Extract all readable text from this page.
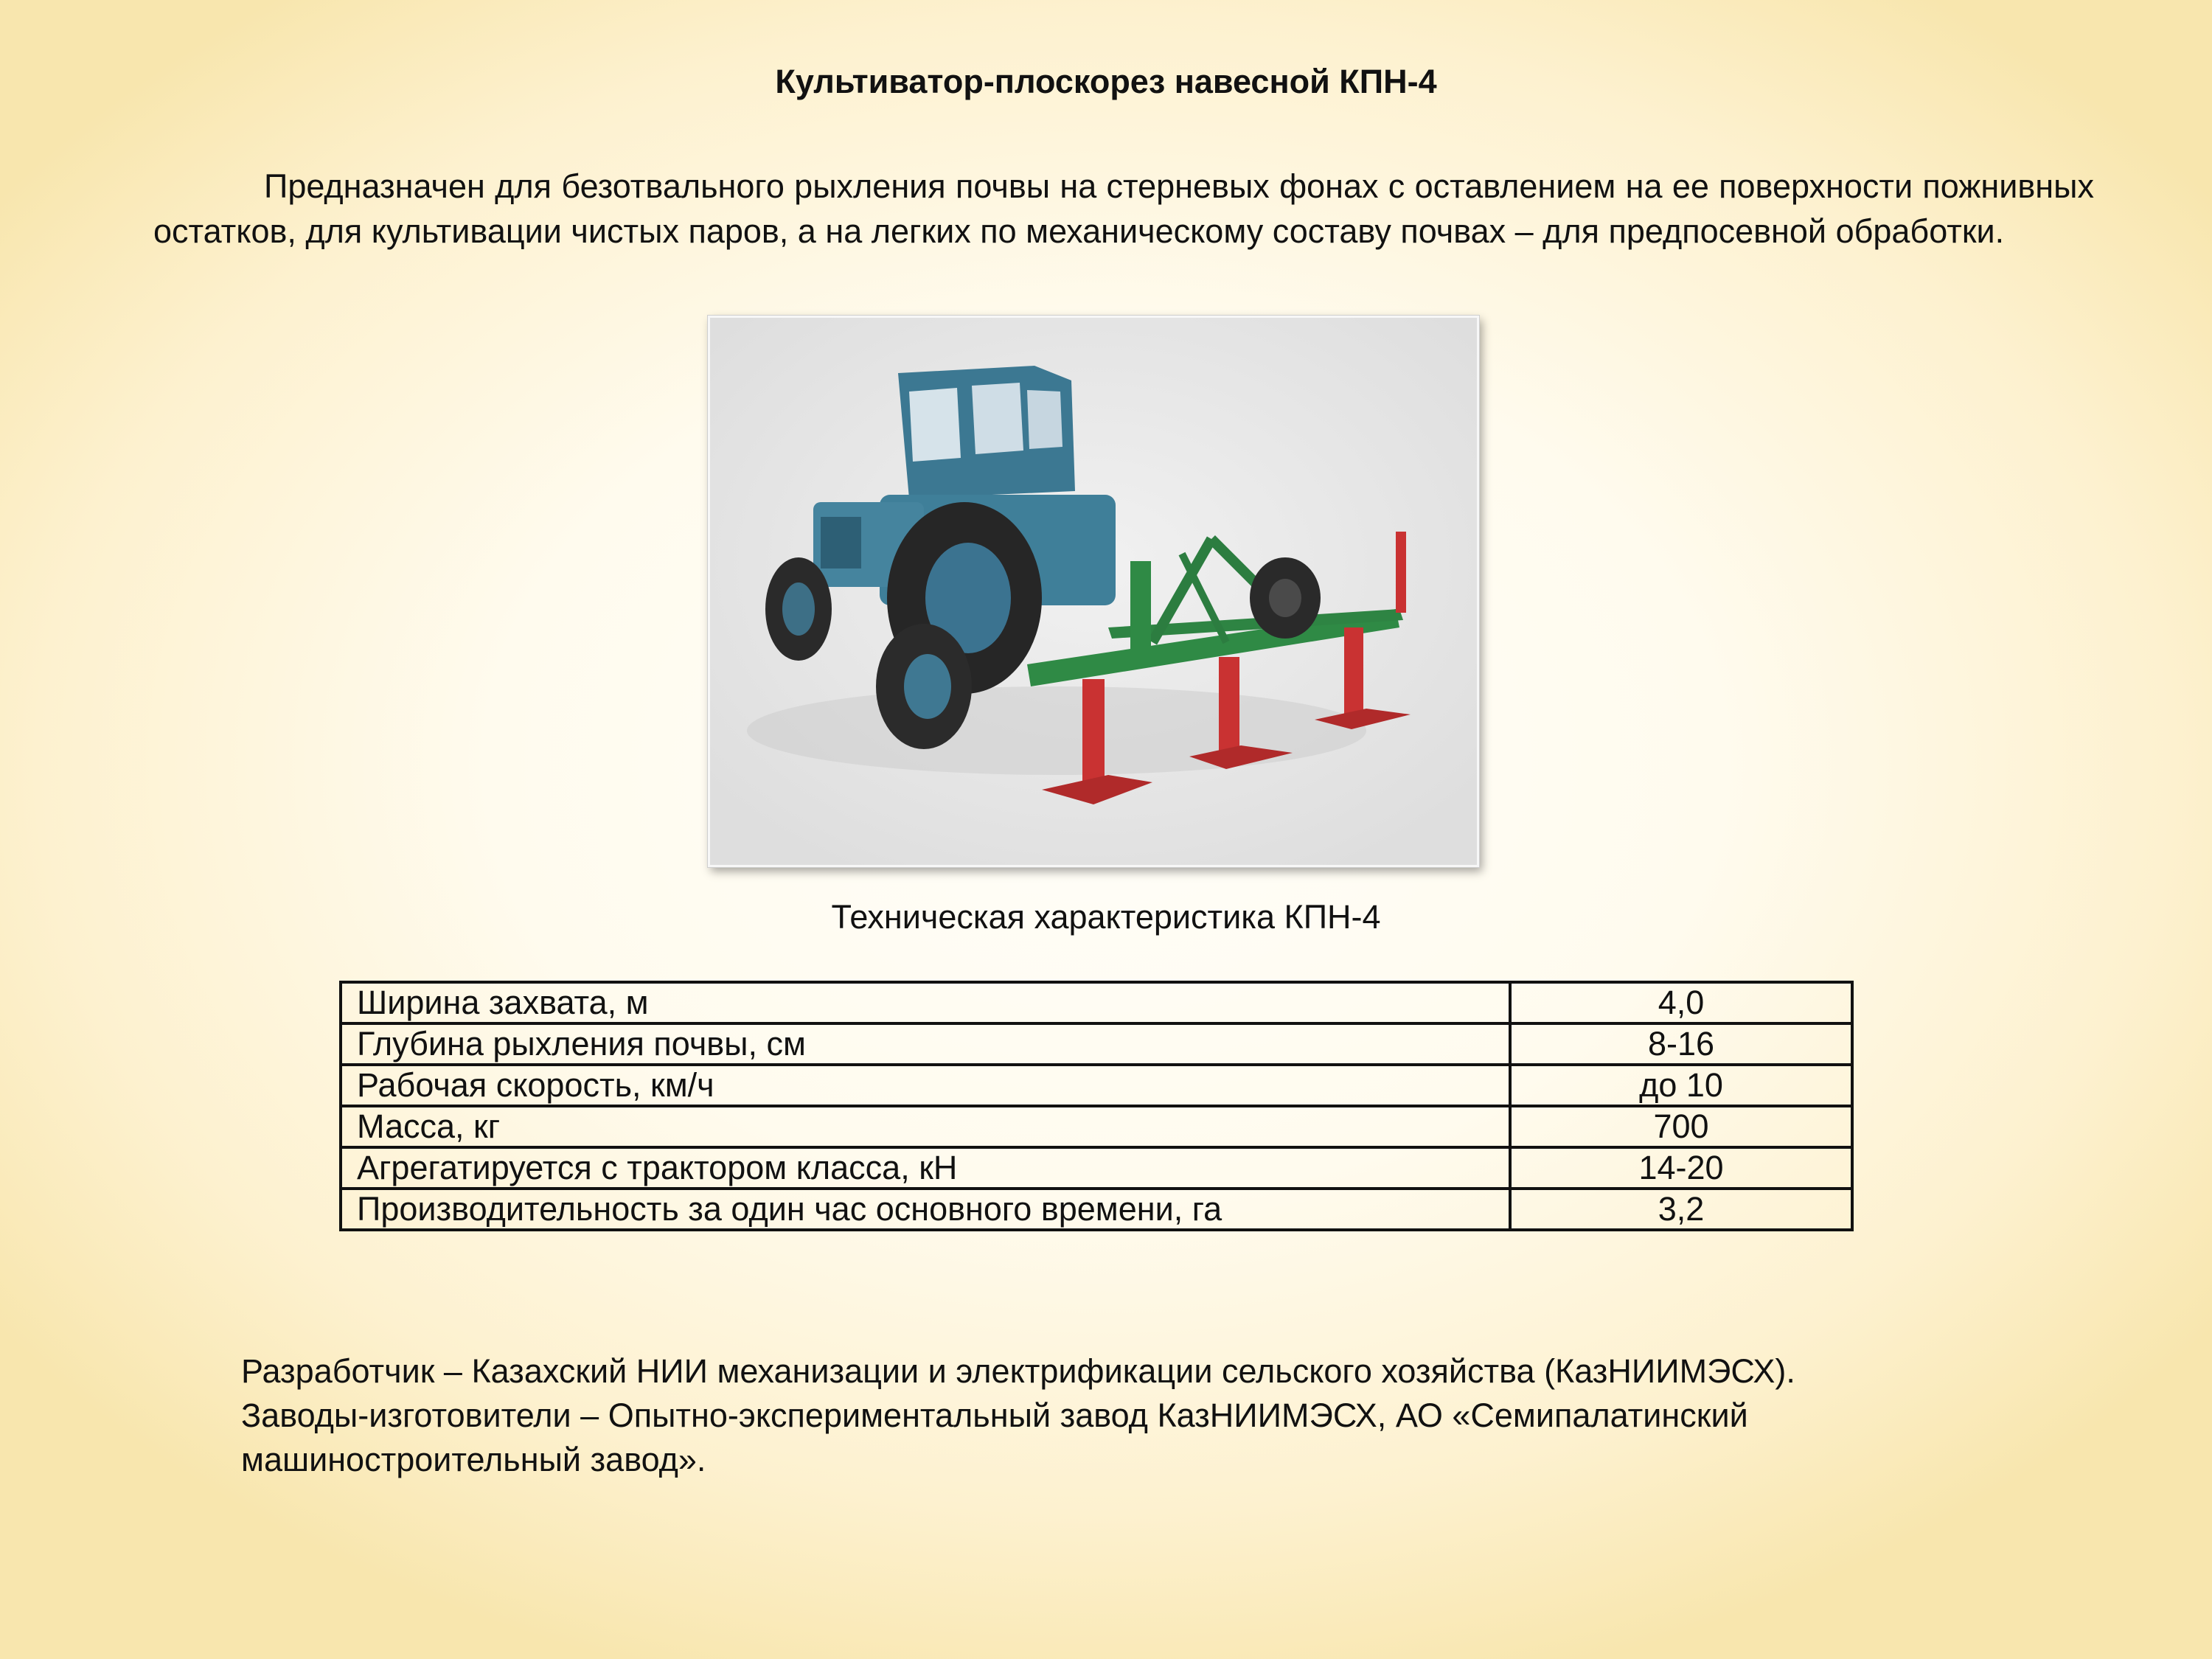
Культиватор-плоскорез навесной КПН-4

Предназначен для безотвального рыхления почвы на стерневых фонах с оставлением на ее поверхности пожнивных остатков, для культивации чистых паров, а на легких по механическому составу почвах – для предпосевной обработки.

Техническая характеристика КПН-4
Ширина захвата, м	4,0
Глубина рыхления почвы, см	8-16
Рабочая скорость, км/ч	до 10
Масса, кг	700
Агрегатируется с трактором класса, кН	14-20
Производительность за один час основного времени, га	3,2
Разработчик – Казахский НИИ механизации и электрификации сельского хозяйства (КазНИИМЭСХ).
Заводы-изготовители – Опытно-экспериментальный завод КазНИИМЭСХ, АО «Семипалатинский
машиностроительный завод».
